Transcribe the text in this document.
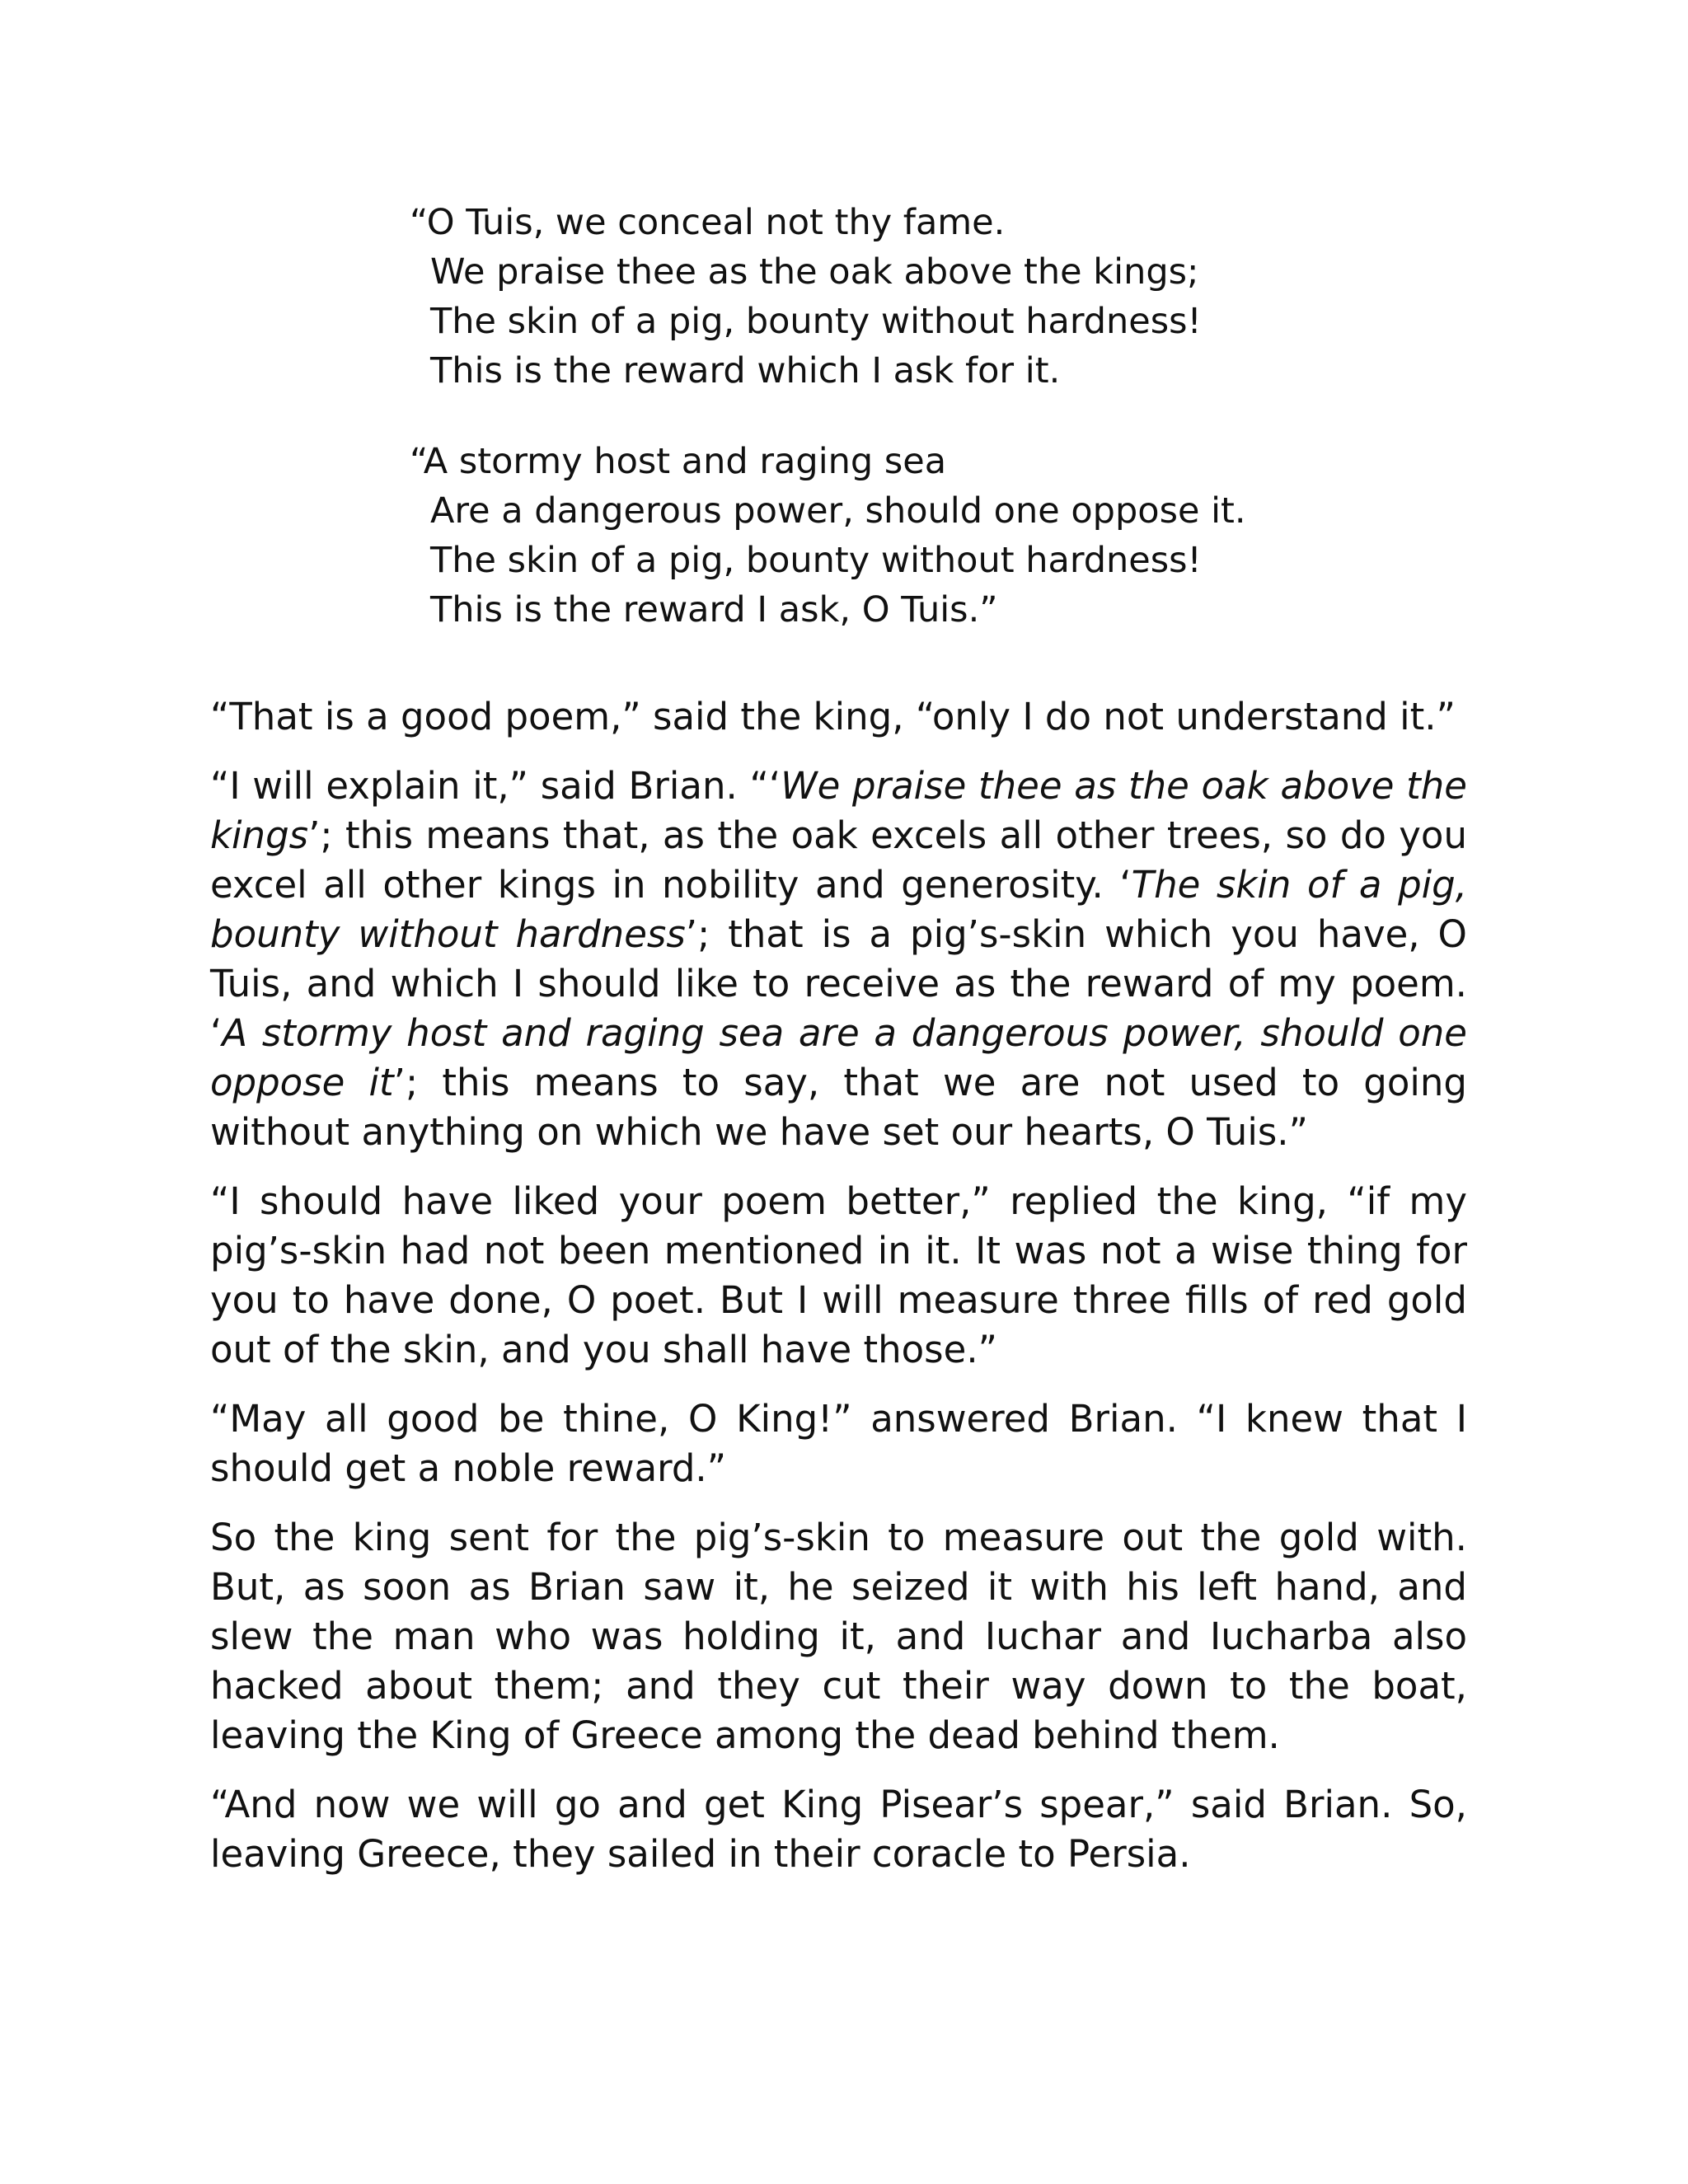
“O Tuis, we conceal not thy fame.
We praise thee as the oak above the kings;
The skin of a pig, bounty without hardness!
This is the reward which I ask for it.
“A stormy host and raging sea
Are a dangerous power, should one oppose it.
The skin of a pig, bounty without hardness!
This is the reward I ask, O Tuis.”

“That is a good poem,” said the king, “only I do not understand it.”

“I will explain it,” said Brian. “‘We praise thee as the oak above the kings’; this means that, as the oak excels all other trees, so do you excel all other kings in nobility and generosity. ‘The skin of a pig, bounty without hardness’; that is a pig’s-skin which you have, O Tuis, and which I should like to receive as the reward of my poem. ‘A stormy host and raging sea are a dangerous power, should one oppose it’; this means to say, that we are not used to going without anything on which we have set our hearts, O Tuis.”

“I should have liked your poem better,” replied the king, “if my pig’s-skin had not been mentioned in it. It was not a wise thing for you to have done, O poet. But I will measure three fills of red gold out of the skin, and you shall have those.”

“May all good be thine, O King!” answered Brian. “I knew that I should get a noble reward.”

So the king sent for the pig’s-skin to measure out the gold with. But, as soon as Brian saw it, he seized it with his left hand, and slew the man who was holding it, and Iuchar and Iucharba also hacked about them; and they cut their way down to the boat, leaving the King of Greece among the dead behind them.

“And now we will go and get King Pisear’s spear,” said Brian. So, leaving Greece, they sailed in their coracle to Persia.
